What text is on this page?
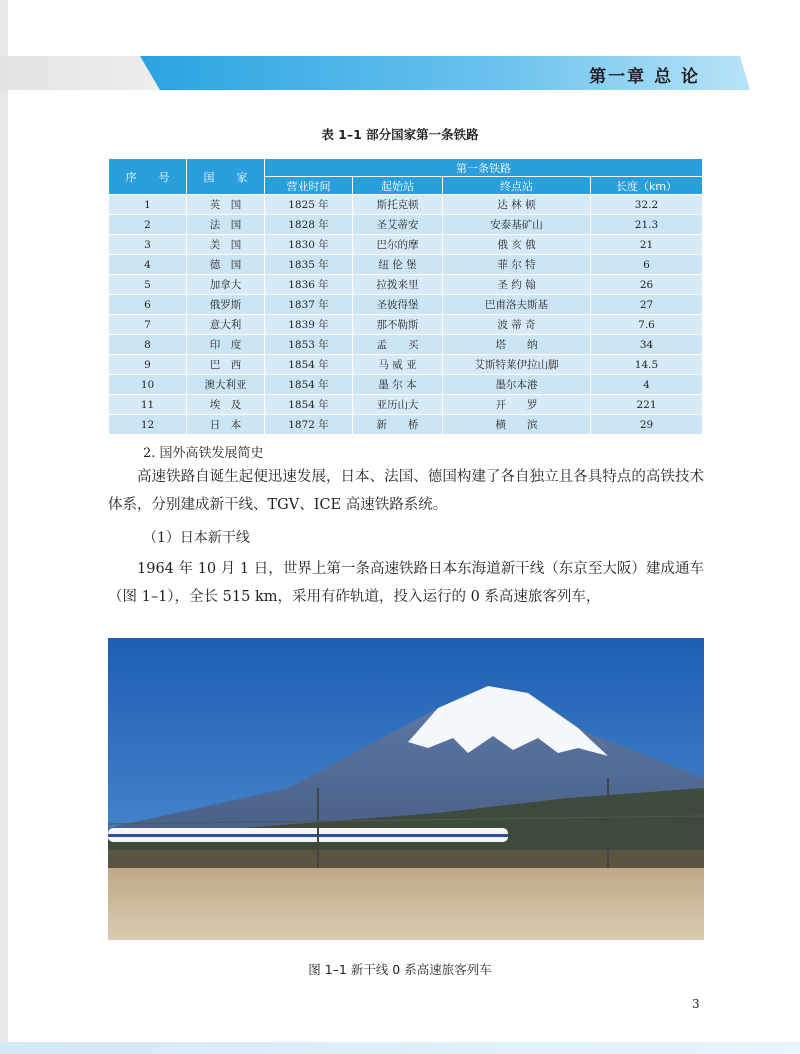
第一章 总 论
表 1–1 部分国家第一条铁路
序　　号	国　　家	第一条铁路			
		营业时间	起始站	终点站	长度（km）
1	英　国	1825 年	斯托克顿	达 林 顿	32.2
2	法　国	1828 年	圣艾蒂安	安泰基矿山	21.3
3	美　国	1830 年	巴尔的摩	俄 亥 俄	21
4	德　国	1835 年	纽 伦 堡	菲 尔 特	6
5	加拿大	1836 年	拉拨来里	圣 约 翰	26
6	俄罗斯	1837 年	圣彼得堡	巴甫洛夫斯基	27
7	意大利	1839 年	那不勒斯	波 蒂 奇	7.6
8	印　度	1853 年	孟　　买	塔　　纳	34
9	巴　西	1854 年	马 威 亚	艾斯特莱伊拉山脚	14.5
10	澳大利亚	1854 年	墨 尔 本	墨尔本港	4
11	埃　及	1854 年	亚历山大	开　　罗	221
12	日　本	1872 年	新　　桥	横　　滨	29
2. 国外高铁发展简史
高速铁路自诞生起便迅速发展，日本、法国、德国构建了各自独立且各具特点的高铁技术体系，分别建成新干线、TGV、ICE 高速铁路系统。
（1）日本新干线
1964 年 10 月 1 日，世界上第一条高速铁路日本东海道新干线（东京至大阪）建成通车（图 1–1），全长 515 km，采用有砟轨道，投入运行的 0 系高速旅客列车，
图 1–1 新干线 0 系高速旅客列车
3
